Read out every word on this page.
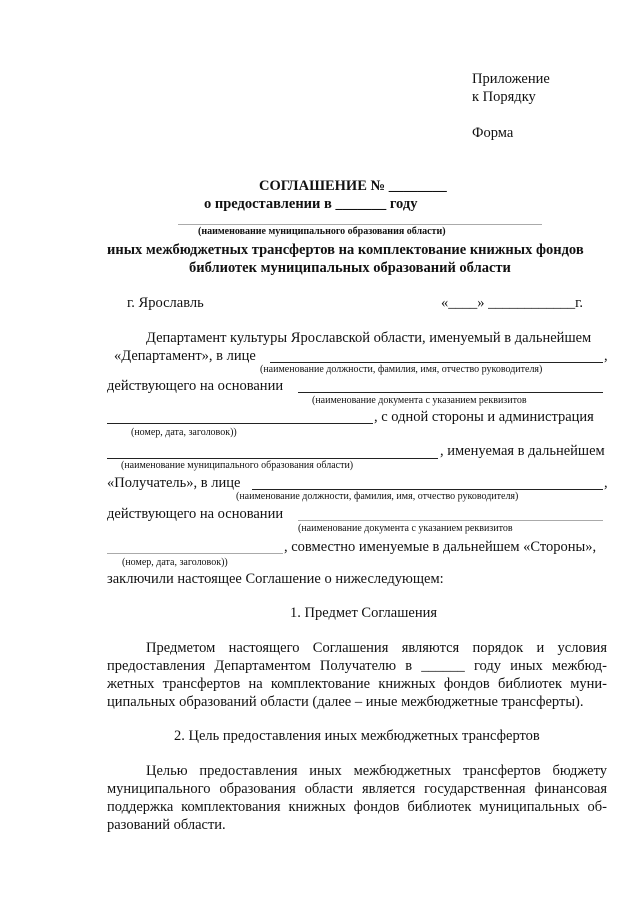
Приложение
к Порядку
Форма
СОГЛАШЕНИЕ № ________
о предоставлении в _______ году
(наименование муниципального образования области)
иных межбюджетных трансфертов на комплектование книжных фондов
библиотек муниципальных образований области
г. Ярославль	«____» ____________г.
Департамент культуры Ярославской области, именуемый в дальнейшем
«Департамент», в лице	,
(наименование должности, фамилия, имя, отчество руководителя)
действующего на основании
(наименование документа с указанием реквизитов
, с одной стороны и администрация
(номер, дата, заголовок))
, именуемая в дальнейшем
(наименование муниципального образования области)
«Получатель», в лице	,
(наименование должности, фамилия, имя, отчество руководителя)
действующего на основании
(наименование документа с указанием реквизитов
, совместно именуемые в дальнейшем «Стороны»,
(номер, дата, заголовок))
заключили настоящее Соглашение о нижеследующем:
1. Предмет Соглашения
Предметом настоящего Соглашения являются порядок и условия
предоставления Департаментом Получателю в ______ году иных межбюд-
жетных трансфертов на комплектование книжных фондов библиотек муни-
ципальных образований области (далее – иные межбюджетные трансферты).
2. Цель предоставления иных межбюджетных трансфертов
Целью предоставления иных межбюджетных трансфертов бюджету
муниципального образования области является государственная финансовая
поддержка комплектования книжных фондов библиотек муниципальных об-
разований области.
